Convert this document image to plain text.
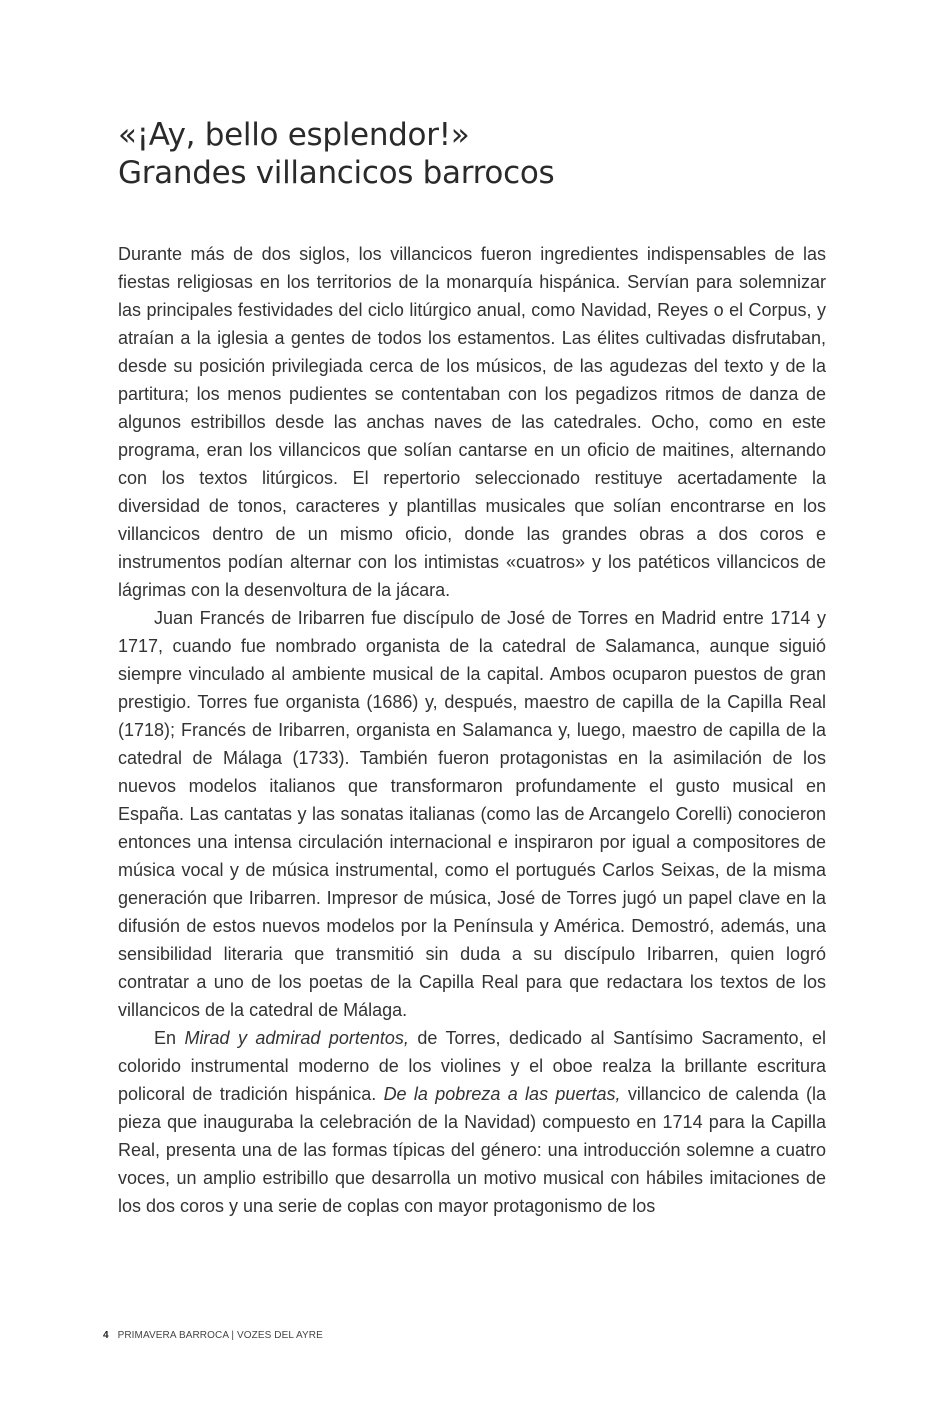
«¡Ay, bello esplendor!»
Grandes villancicos barrocos

Durante más de dos siglos, los villancicos fueron ingredientes indispensables de las fiestas religiosas en los territorios de la monarquía hispánica. Servían para solemnizar las principales festividades del ciclo litúrgico anual, como Navidad, Reyes o el Corpus, y atraían a la iglesia a gentes de todos los estamentos. Las élites cultivadas disfrutaban, desde su posición privilegiada cerca de los músicos, de las agudezas del texto y de la partitura; los menos pudientes se contentaban con los pegadizos ritmos de danza de algunos estribillos desde las anchas naves de las catedrales. Ocho, como en este programa, eran los villancicos que solían cantarse en un oficio de maitines, alternando con los textos litúrgicos. El repertorio seleccionado restituye acertadamente la diversidad de tonos, caracteres y plantillas musicales que solían encontrarse en los villancicos dentro de un mismo oficio, donde las grandes obras a dos coros e instrumentos podían alternar con los intimistas «cuatros» y los patéticos villancicos de lágrimas con la desenvoltura de la jácara.

Juan Francés de Iribarren fue discípulo de José de Torres en Madrid entre 1714 y 1717, cuando fue nombrado organista de la catedral de Salamanca, aunque siguió siempre vinculado al ambiente musical de la capital. Ambos ocuparon puestos de gran prestigio. Torres fue organista (1686) y, después, maestro de capilla de la Capilla Real (1718); Francés de Iribarren, organista en Salamanca y, luego, maestro de capilla de la catedral de Málaga (1733). También fueron protagonistas en la asimilación de los nuevos modelos italianos que transformaron profundamente el gusto musical en España. Las cantatas y las sonatas italianas (como las de Arcangelo Corelli) conocieron entonces una intensa circulación internacional e inspiraron por igual a compositores de música vocal y de música instrumental, como el portugués Carlos Seixas, de la misma generación que Iribarren. Impresor de música, José de Torres jugó un papel clave en la difusión de estos nuevos modelos por la Península y América. Demostró, además, una sensibilidad literaria que transmitió sin duda a su discípulo Iribarren, quien logró contratar a uno de los poetas de la Capilla Real para que redactara los textos de los villancicos de la catedral de Málaga.

En Mirad y admirad portentos, de Torres, dedicado al Santísimo Sacramento, el colorido instrumental moderno de los violines y el oboe realza la brillante escritura policoral de tradición hispánica. De la pobreza a las puertas, villancico de calenda (la pieza que inauguraba la celebración de la Navidad) compuesto en 1714 para la Capilla Real, presenta una de las formas típicas del género: una introducción solemne a cuatro voces, un amplio estribillo que desarrolla un motivo musical con hábiles imitaciones de los dos coros y una serie de coplas con mayor protagonismo de los

4 PRIMAVERA BARROCA | VOZES DEL AYRE
